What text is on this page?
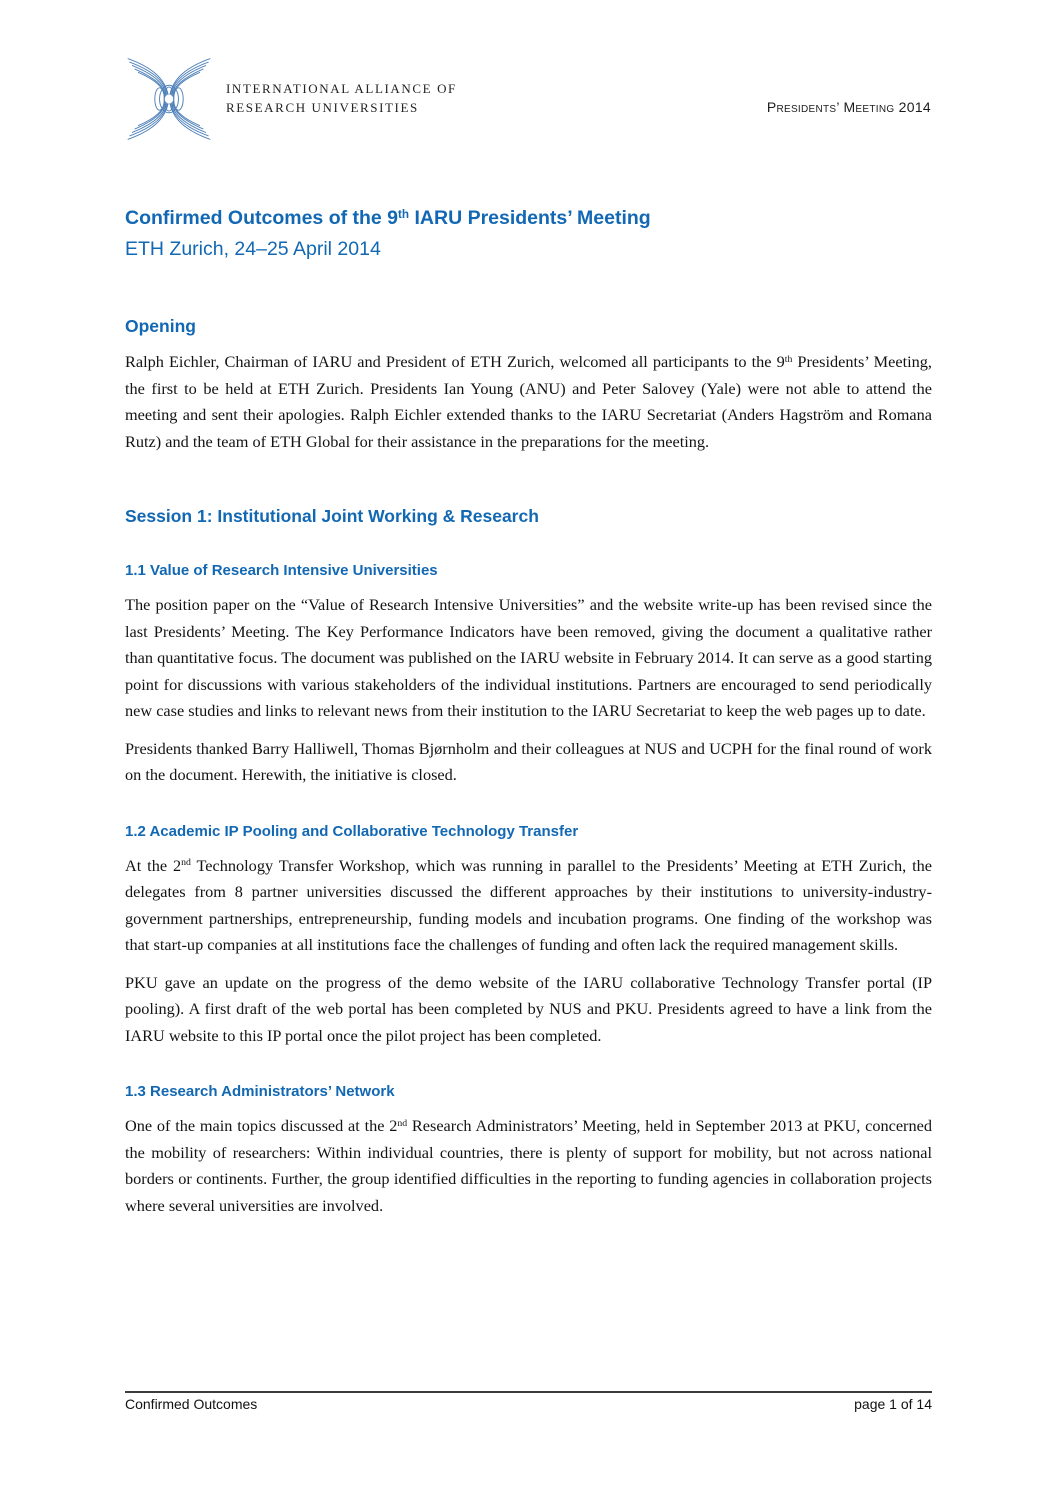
INTERNATIONAL ALLIANCE OF
RESEARCH UNIVERSITIES	Presidents’ Meeting 2014
Confirmed Outcomes of the 9th IARU Presidents’ Meeting
ETH Zurich, 24–25 April 2014
Opening
Ralph Eichler, Chairman of IARU and President of ETH Zurich, welcomed all participants to the 9th Presidents’ Meeting, the first to be held at ETH Zurich. Presidents Ian Young (ANU) and Peter Salovey (Yale) were not able to attend the meeting and sent their apologies. Ralph Eichler extended thanks to the IARU Secretariat (Anders Hagström and Romana Rutz) and the team of ETH Global for their assistance in the preparations for the meeting.
Session 1: Institutional Joint Working & Research
1.1 Value of Research Intensive Universities
The position paper on the “Value of Research Intensive Universities” and the website write-up has been revised since the last Presidents’ Meeting. The Key Performance Indicators have been removed, giving the document a qualitative rather than quantitative focus. The document was published on the IARU website in February 2014. It can serve as a good starting point for discussions with various stakeholders of the individual institutions. Partners are encouraged to send periodically new case studies and links to relevant news from their institution to the IARU Secretariat to keep the web pages up to date.
Presidents thanked Barry Halliwell, Thomas Bjørnholm and their colleagues at NUS and UCPH for the final round of work on the document. Herewith, the initiative is closed.
1.2 Academic IP Pooling and Collaborative Technology Transfer
At the 2nd Technology Transfer Workshop, which was running in parallel to the Presidents’ Meeting at ETH Zurich, the delegates from 8 partner universities discussed the different approaches by their institutions to university-industry-government partnerships, entrepreneurship, funding models and incubation programs. One finding of the workshop was that start-up companies at all institutions face the challenges of funding and often lack the required management skills.
PKU gave an update on the progress of the demo website of the IARU collaborative Technology Transfer portal (IP pooling). A first draft of the web portal has been completed by NUS and PKU. Presidents agreed to have a link from the IARU website to this IP portal once the pilot project has been completed.
1.3 Research Administrators’ Network
One of the main topics discussed at the 2nd Research Administrators’ Meeting, held in September 2013 at PKU, concerned the mobility of researchers: Within individual countries, there is plenty of support for mobility, but not across national borders or continents. Further, the group identified difficulties in the reporting to funding agencies in collaboration projects where several universities are involved.
Confirmed Outcomes	page 1 of 14
